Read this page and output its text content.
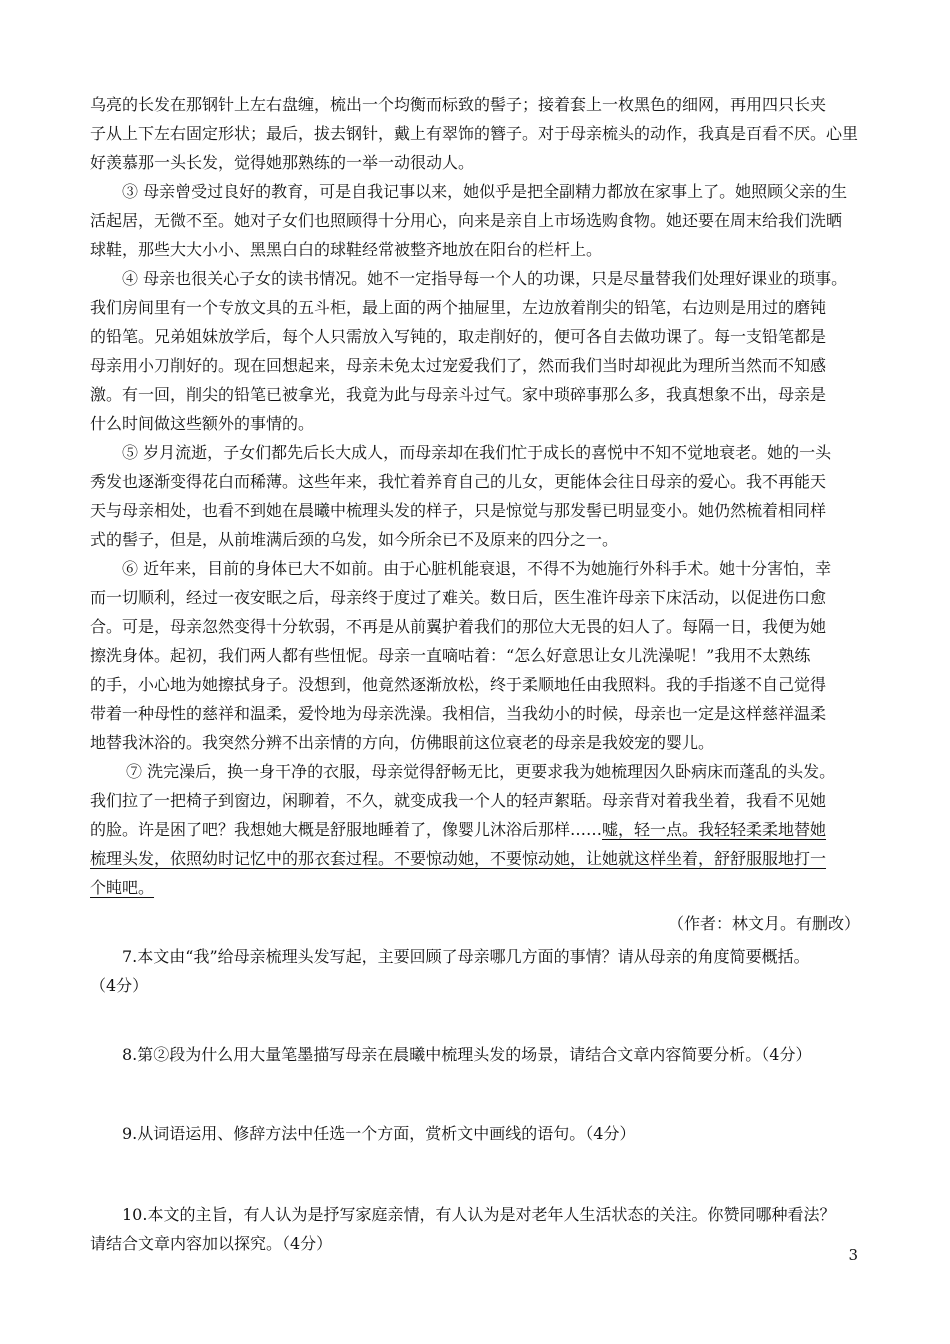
乌亮的长发在那钢针上左右盘缠，梳出一个均衡而标致的髻子；接着套上一枚黑色的细网，再用四只长夹
子从上下左右固定形状；最后，拔去钢针，戴上有翠饰的簪子。对于母亲梳头的动作，我真是百看不厌。心里
好羡慕那一头长发，觉得她那熟练的一举一动很动人。
③ 母亲曾受过良好的教育，可是自我记事以来，她似乎是把全副精力都放在家事上了。她照顾父亲的生
活起居，无微不至。她对子女们也照顾得十分用心，向来是亲自上市场选购食物。她还要在周末给我们洗晒
球鞋，那些大大小小、黑黑白白的球鞋经常被整齐地放在阳台的栏杆上。
④ 母亲也很关心子女的读书情况。她不一定指导每一个人的功课，只是尽量替我们处理好课业的琐事。
我们房间里有一个专放文具的五斗柜，最上面的两个抽屉里，左边放着削尖的铅笔，右边则是用过的磨钝
的铅笔。兄弟姐妹放学后，每个人只需放入写钝的，取走削好的，便可各自去做功课了。每一支铅笔都是
母亲用小刀削好的。现在回想起来，母亲未免太过宠爱我们了，然而我们当时却视此为理所当然而不知感
激。有一回，削尖的铅笔已被拿光，我竟为此与母亲斗过气。家中琐碎事那么多，我真想象不出，母亲是
什么时间做这些额外的事情的。
⑤ 岁月流逝，子女们都先后长大成人，而母亲却在我们忙于成长的喜悦中不知不觉地衰老。她的一头
秀发也逐渐变得花白而稀薄。这些年来，我忙着养育自己的儿女，更能体会往日母亲的爱心。我不再能天
天与母亲相处，也看不到她在晨曦中梳理头发的样子，只是惊觉与那发髻已明显变小。她仍然梳着相同样
式的髻子，但是，从前堆满后颈的乌发，如今所余已不及原来的四分之一。
⑥ 近年来，目前的身体已大不如前。由于心脏机能衰退，不得不为她施行外科手术。她十分害怕，幸
而一切顺利，经过一夜安眠之后，母亲终于度过了难关。数日后，医生准许母亲下床活动，以促进伤口愈
合。可是，母亲忽然变得十分软弱，不再是从前翼护着我们的那位大无畏的妇人了。每隔一日，我便为她
擦洗身体。起初，我们两人都有些忸怩。母亲一直嘀咕着：“怎么好意思让女儿洗澡呢！”我用不太熟练
的手，小心地为她擦拭身子。没想到，他竟然逐渐放松，终于柔顺地任由我照料。我的手指遂不自己觉得
带着一种母性的慈祥和温柔，爱怜地为母亲洗澡。我相信，当我幼小的时候，母亲也一定是这样慈祥温柔
地替我沐浴的。我突然分辨不出亲情的方向，仿佛眼前这位衰老的母亲是我姣宠的婴儿。
⑦ 洗完澡后，换一身干净的衣服，母亲觉得舒畅无比，更要求我为她梳理因久卧病床而蓬乱的头发。
我们拉了一把椅子到窗边，闲聊着，不久，就变成我一个人的轻声絮聒。母亲背对着我坐着，我看不见她
的脸。许是困了吧？我想她大概是舒服地睡着了，像婴儿沐浴后那样……嘘，轻一点。我轻轻柔柔地替她
梳理头发，依照幼时记忆中的那衣套过程。不要惊动她，不要惊动她，让她就这样坐着，舒舒服服地打一
个盹吧。
（作者：林文月。有删改）
7.本文由“我”给母亲梳理头发写起，主要回顾了母亲哪几方面的事情？请从母亲的角度简要概括。
（4分）
8.第②段为什么用大量笔墨描写母亲在晨曦中梳理头发的场景，请结合文章内容简要分析。（4分）
9.从词语运用、修辞方法中任选一个方面，赏析文中画线的语句。（4分）
10.本文的主旨，有人认为是抒写家庭亲情，有人认为是对老年人生活状态的关注。你赞同哪种看法？
请结合文章内容加以探究。（4分）
3
